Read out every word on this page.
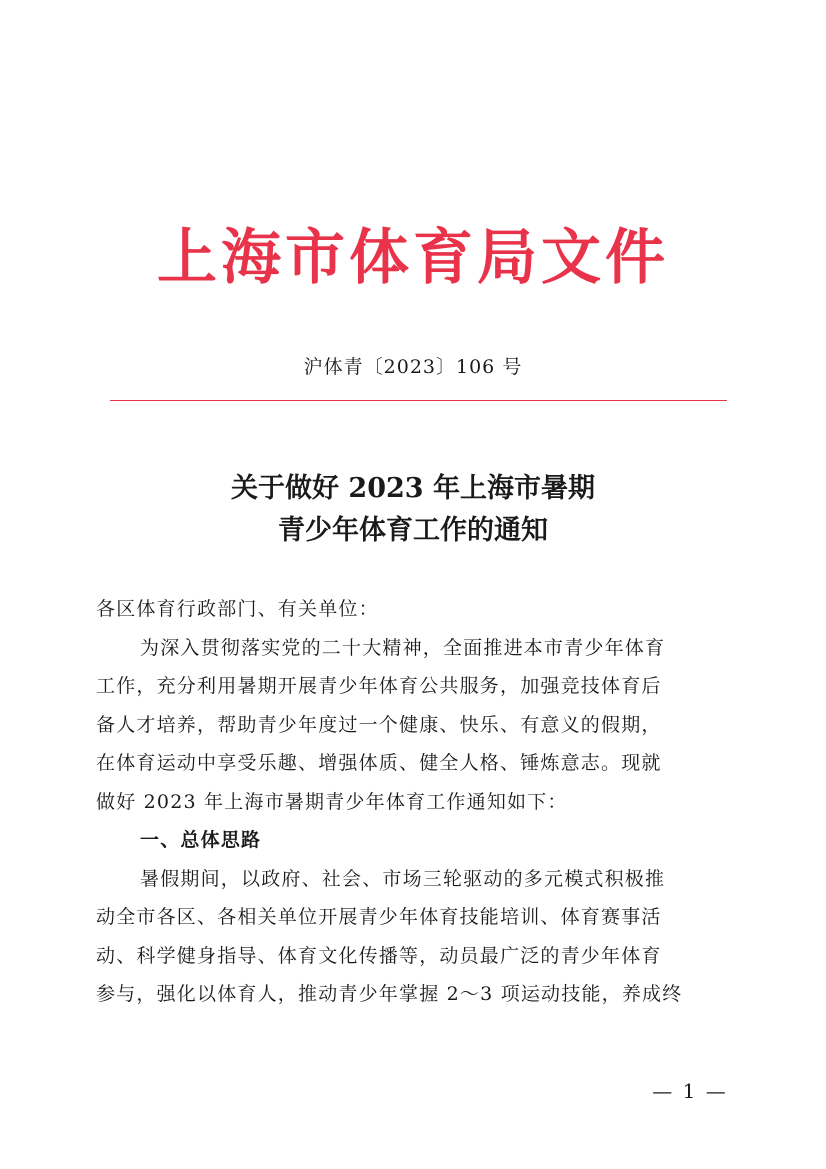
上海市体育局文件
沪体青〔2023〕106 号
关于做好 2023 年上海市暑期
青少年体育工作的通知
各区体育行政部门、有关单位：
为深入贯彻落实党的二十大精神，全面推进本市青少年体育
工作，充分利用暑期开展青少年体育公共服务，加强竞技体育后
备人才培养，帮助青少年度过一个健康、快乐、有意义的假期，
在体育运动中享受乐趣、增强体质、健全人格、锤炼意志。现就
做好 2023 年上海市暑期青少年体育工作通知如下：
一、总体思路
暑假期间，以政府、社会、市场三轮驱动的多元模式积极推
动全市各区、各相关单位开展青少年体育技能培训、体育赛事活
动、科学健身指导、体育文化传播等，动员最广泛的青少年体育
参与，强化以体育人，推动青少年掌握 2～3 项运动技能，养成终
— 1 —
